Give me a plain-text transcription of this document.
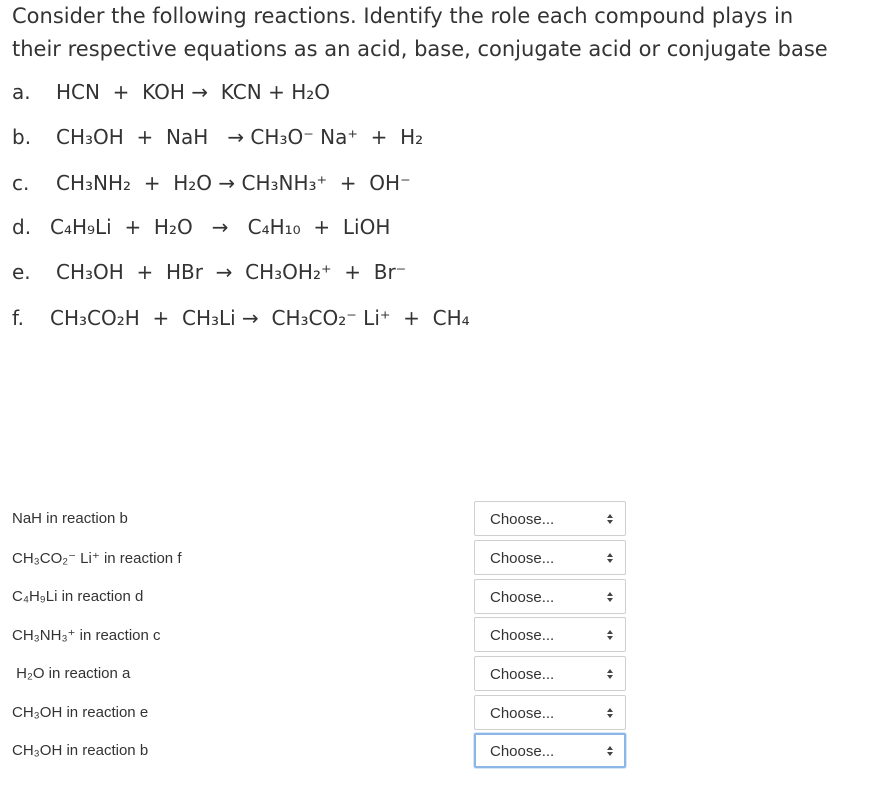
Consider the following reactions. Identify the role each compound plays in
their respective equations as an acid, base, conjugate acid or conjugate base

a. HCN  +  KOH →  KCN + H₂O
b. CH₃OH  +  NaH   → CH₃O⁻ Na⁺  +  H₂
c. CH₃NH₂  +  H₂O → CH₃NH₃⁺  +  OH⁻
d. C₄H₉Li  +  H₂O   →   C₄H₁₀  +  LiOH
e. CH₃OH  +  HBr  →  CH₃OH₂⁺  +  Br⁻
f. CH₃CO₂H  +  CH₃Li →  CH₃CO₂⁻ Li⁺  +  CH₄
NaH in reaction b	Choose...
CH₃CO₂⁻ Li⁺ in reaction f	Choose...
C₄H₉Li in reaction d	Choose...
CH₃NH₃⁺ in reaction c	Choose...
H₂O in reaction a	Choose...
CH₃OH in reaction e	Choose...
CH₃OH in reaction b	Choose...
